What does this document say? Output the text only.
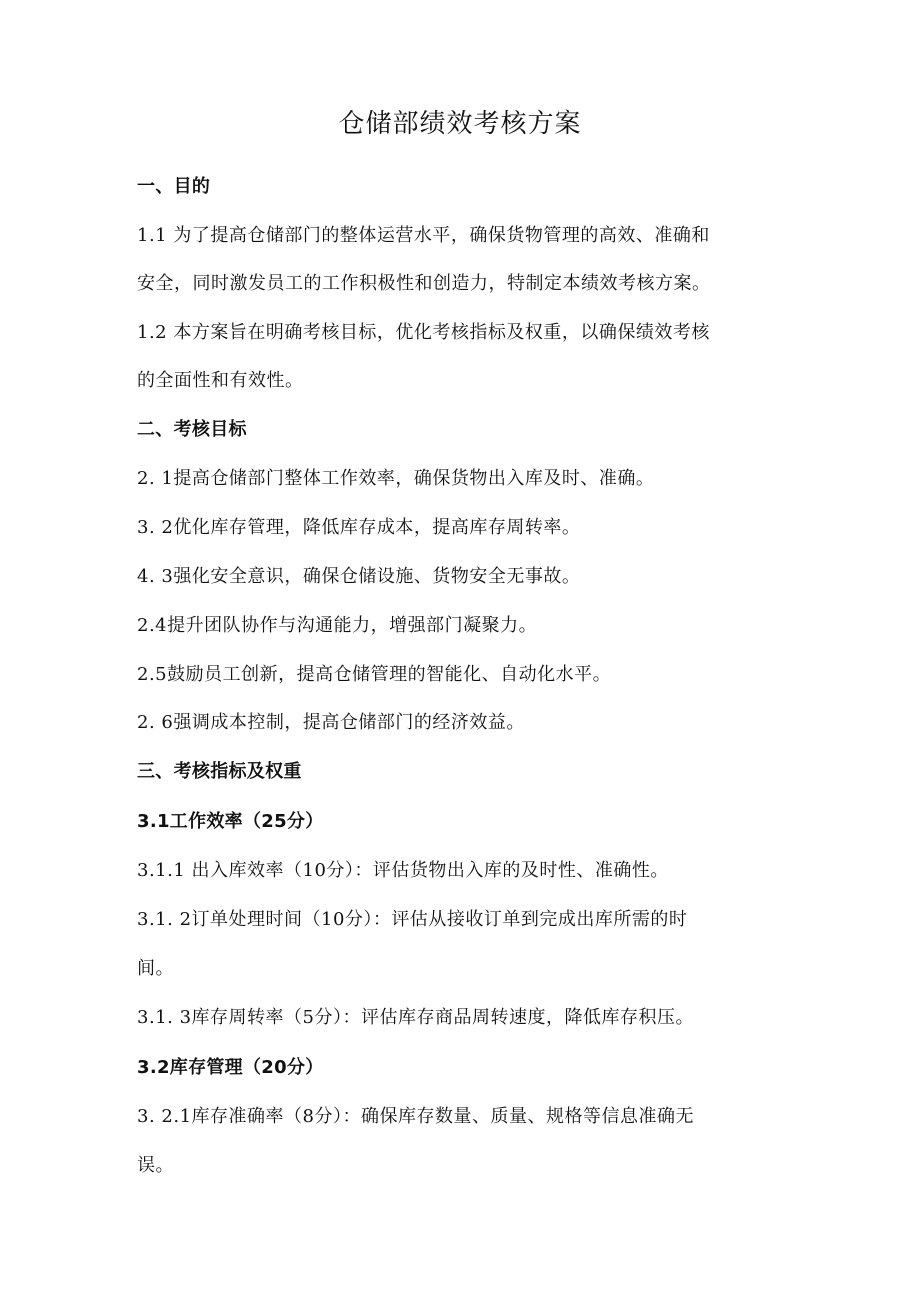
仓储部绩效考核方案

一、目的

1.1 为了提高仓储部门的整体运营水平，确保货物管理的高效、准确和

安全，同时激发员工的工作积极性和创造力，特制定本绩效考核方案。

1.2 本方案旨在明确考核目标，优化考核指标及权重，以确保绩效考核

的全面性和有效性。

二、考核目标

2. 1提高仓储部门整体工作效率，确保货物出入库及时、准确。

3. 2优化库存管理，降低库存成本，提高库存周转率。

4. 3强化安全意识，确保仓储设施、货物安全无事故。

2.4提升团队协作与沟通能力，增强部门凝聚力。

2.5鼓励员工创新，提高仓储管理的智能化、自动化水平。

2. 6强调成本控制，提高仓储部门的经济效益。

三、考核指标及权重

3.1工作效率（25分）

3.1.1 出入库效率（10分）：评估货物出入库的及时性、准确性。

3.1. 2订单处理时间（10分）：评估从接收订单到完成出库所需的时

间。

3.1. 3库存周转率（5分）：评估库存商品周转速度，降低库存积压。

3.2库存管理（20分）

3. 2.1库存准确率（8分）：确保库存数量、质量、规格等信息准确无

误。
